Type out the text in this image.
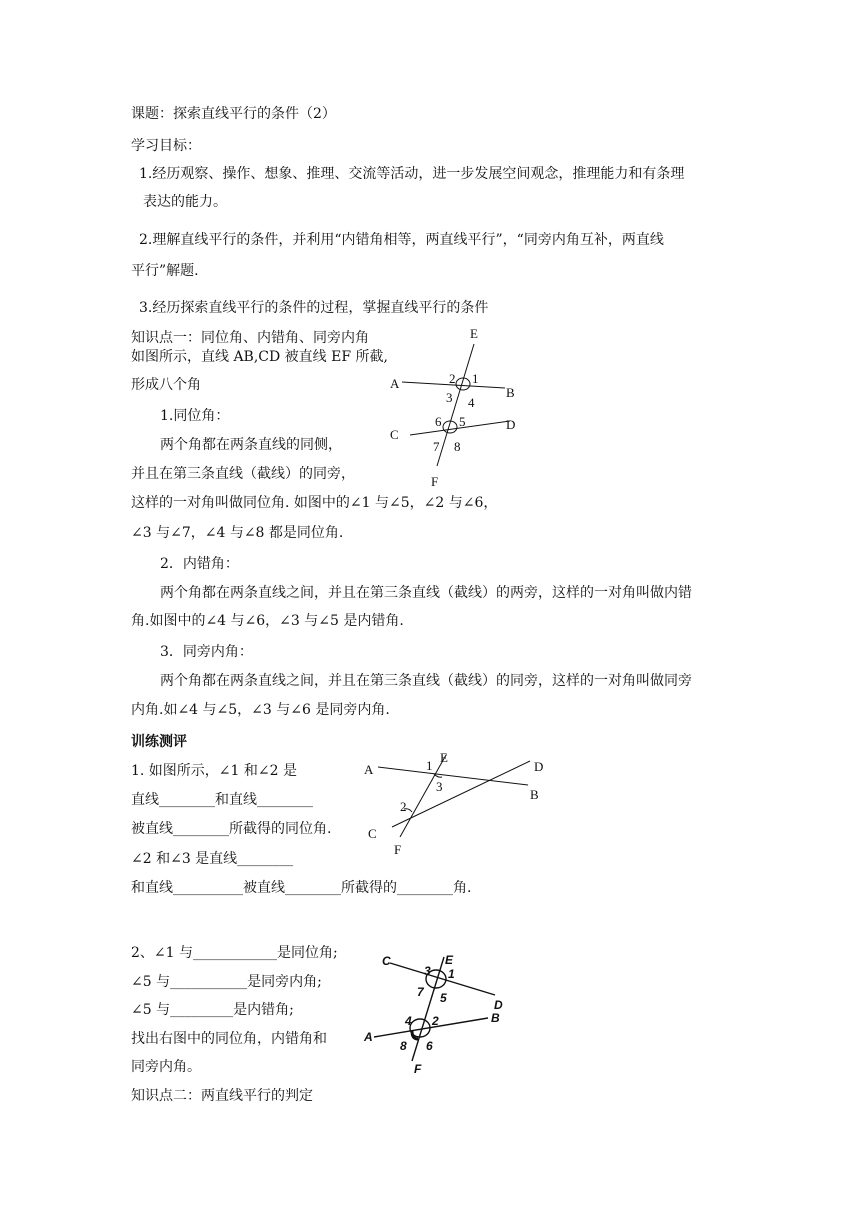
课题：探索直线平行的条件（2）
学习目标：
1.经历观察、操作、想象、推理、交流等活动，进一步发展空间观念，推理能力和有条理
表达的能力。
2.理解直线平行的条件，并利用“内错角相等，两直线平行”，“同旁内角互补，两直线
平行”解题.
3.经历探索直线平行的条件的过程，掌握直线平行的条件
知识点一：同位角、内错角、同旁内角
如图所示，直线 AB,CD 被直线 EF 所截,
形成八个角
1.同位角：
两个角都在两条直线的同侧，
并且在第三条直线（截线）的同旁，
这样的一对角叫做同位角. 如图中的∠1 与∠5，∠2 与∠6，
∠3 与∠7，∠4 与∠8 都是同位角.
2．内错角：
两个角都在两条直线之间，并且在第三条直线（截线）的两旁，这样的一对角叫做内错
角.如图中的∠4 与∠6，∠3 与∠5 是内错角.
3．同旁内角：
两个角都在两条直线之间，并且在第三条直线（截线）的同旁，这样的一对角叫做同旁
内角.如∠4 与∠5，∠3 与∠6 是同旁内角.
训练测评
1. 如图所示，∠1 和∠2 是
直线________和直线________
被直线________所截得的同位角.
∠2 和∠3 是直线________
和直线__________被直线________所截得的________角.
2、∠1 与____________是同位角;
∠5 与___________是同旁内角;
∠5 与_________是内错角;
找出右图中的同位角，内错角和
同旁内角。
知识点二：两直线平行的判定
E
A
B
C
D
F
2 1
3 4
6 5
7 8
A
E
D
B
C
F
1
3
2
C	E
D
A
B
F
3 1
7 5
4 2
8 6
